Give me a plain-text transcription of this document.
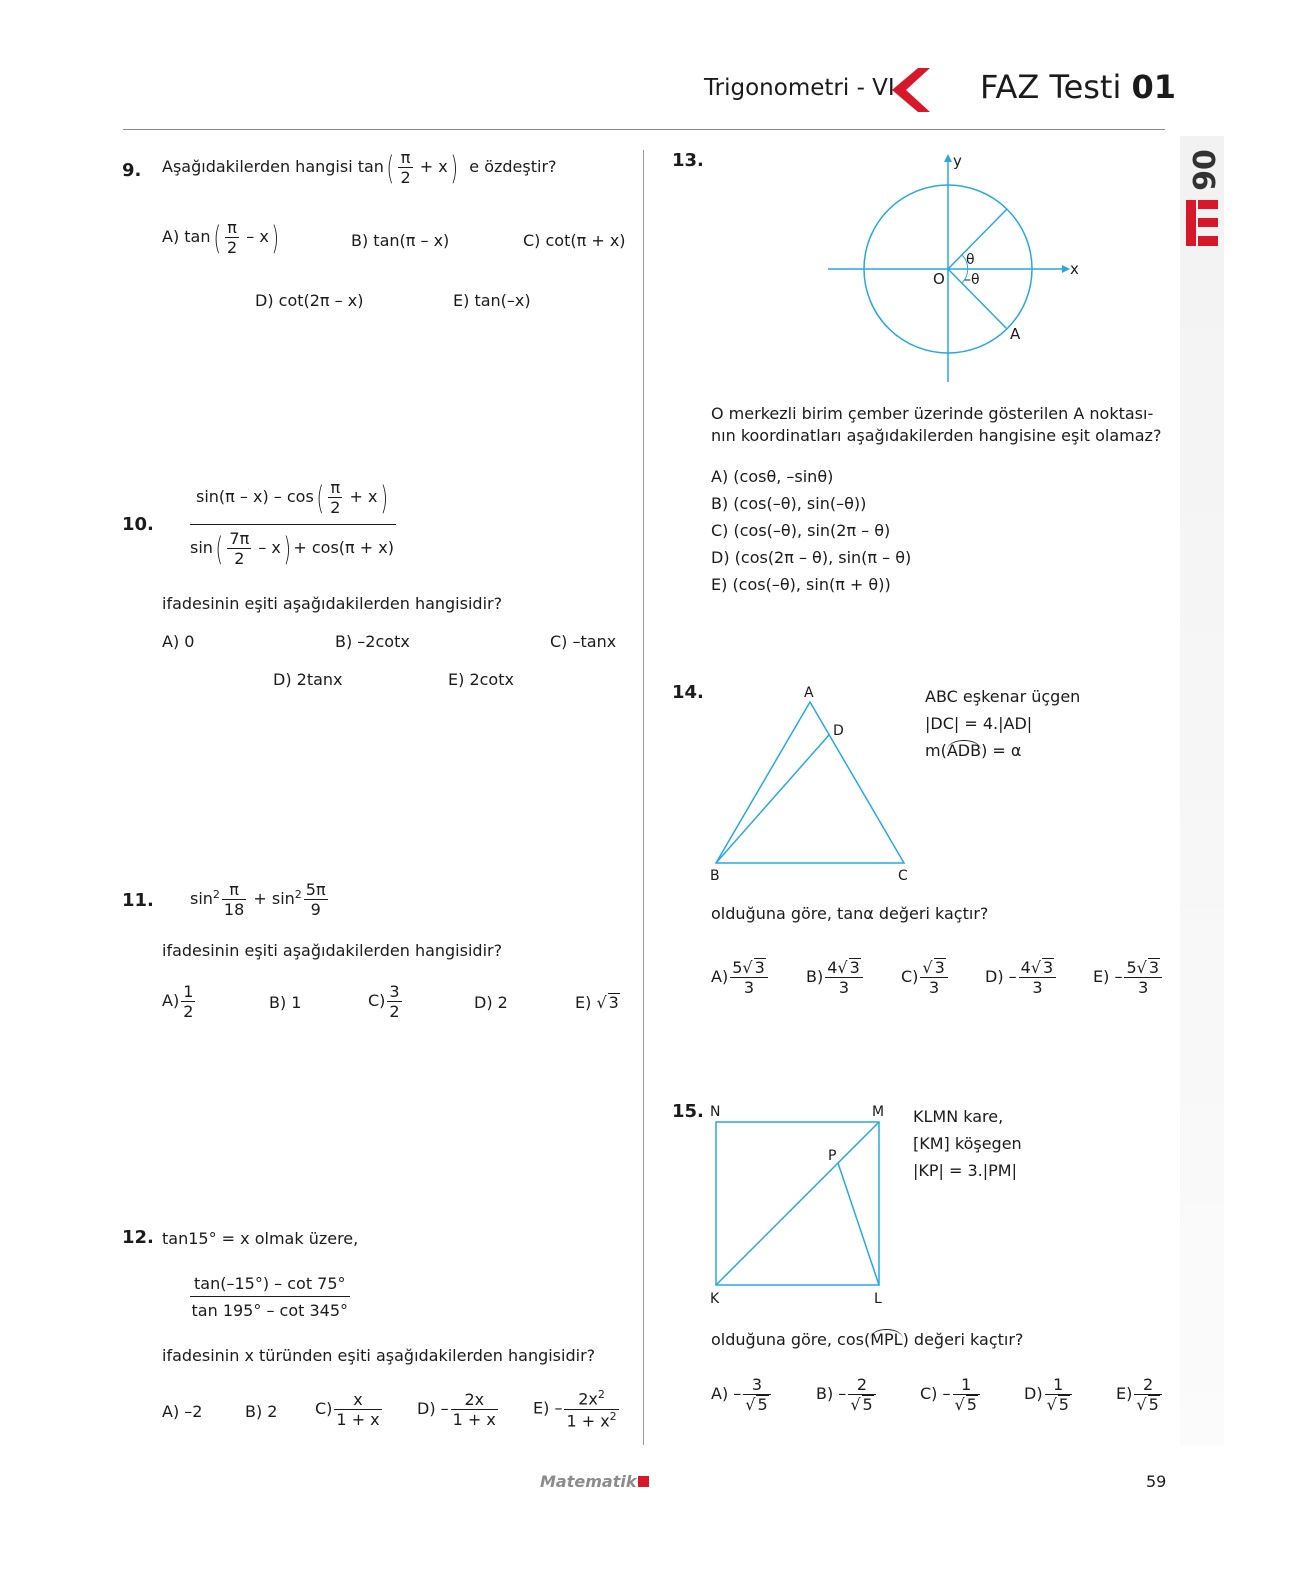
Trigonometri - VI	FAZ Testi 01
06
9. Aşağıdakilerden hangisi $\tan( \frac{\pi}{2} + x)$ e özdeştir?
A) $\tan( \frac{\pi}{2} - x)$	B) tan(π – x)	C) cot(π + x)
D) cot(2π – x)	E) tan(–x)
10. $\frac{\sin(\pi - x) - \cos( \frac{\pi}{2} + x)}{\sin( \frac{7\pi}{2} - x) + \cos(\pi + x)}$
ifadesinin eşiti aşağıdakilerden hangisidir?
A) 0	B) –2cotx	C) –tanx
D) 2tanx	E) 2cotx
11. $\sin^2 \frac{\pi}{18} + \sin^2 \frac{5\pi}{9}$
ifadesinin eşiti aşağıdakilerden hangisidir?
$A) \frac{1}{2}$	B) 1	$C) \frac{3}{2}$	D) 2	E) √ 3
12. tan15° = x olmak üzere,
$\frac{\tan(-15^\circ) - \cot 75^\circ}{\tan 195^\circ - \cot 345^\circ}$
ifadesinin x türünden eşiti aşağıdakilerden hangisidir?
A) –2	B) 2 $C) \frac{x}{1 + x} D) - \frac{2x}{1 + x} E) - \frac{2x^2}{1 + x^2}$
13.	y
x
O
θ
–θ
A
O merkezli birim çember üzerinde gösterilen A noktası-
nın koordinatları aşağıdakilerden hangisine eşit olamaz?
A) (cosθ, –sinθ)
B) (cos(–θ), sin(–θ))
C) (cos(–θ), sin(2π – θ)
D) (cos(2π – θ), sin(π – θ)
E) (cos(–θ), sin(π + θ))
14.	A
D
B	C
ABC eşkenar üçgen
|DC| = 4.|AD|
m(ADB) = α
olduğuna göre, tanα değeri kaçtır?
$A) \frac{5√ 3}{3} B) \frac{4√ 3}{3} C) \frac{√ 3}{3} D) - \frac{4√ 3}{3} E) - \frac{5√ 3}{3}$
15. N	M
P
K	L
KLMN kare,
[KM] köşegen
|KP| = 3.|PM|
olduğuna göre, cos(MPL) değeri kaçtır?
$A) - \frac{3}{√ 5}$	$B) - \frac{2}{√ 5}$	$C) - \frac{1}{√ 5}$	$D) \frac{1}{√ 5}$	$E) \frac{2}{√ 5}$
Matematik	59
